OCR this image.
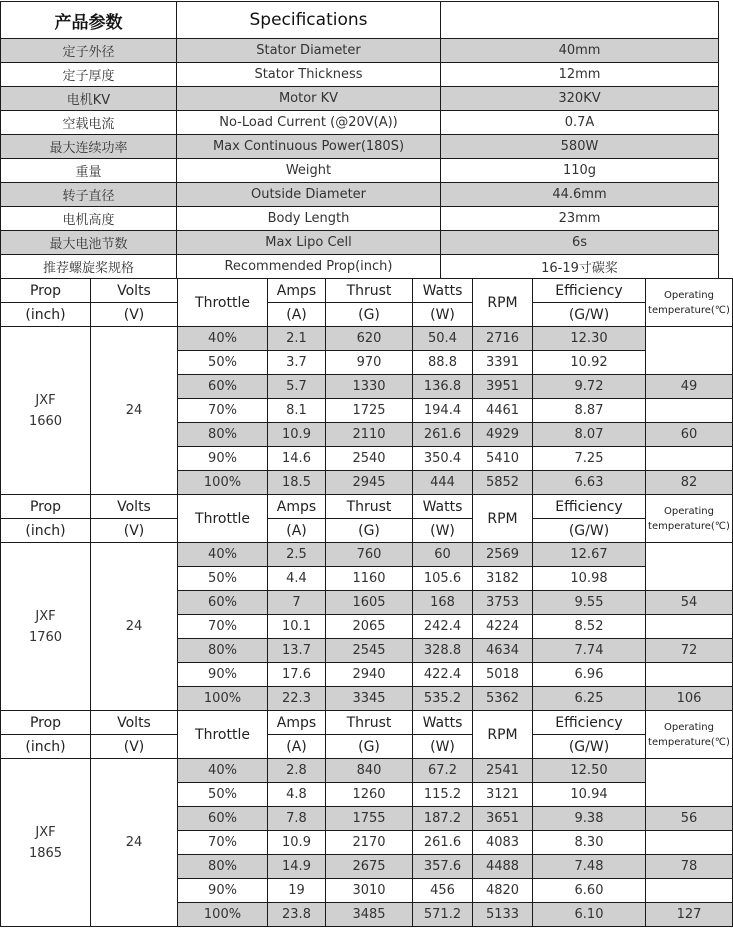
产品参数	Specifications	
定子外径	Stator Diameter	40mm
定子厚度	Stator Thickness	12mm
电机KV	Motor KV	320KV
空载电流	No-Load Current (@20V(A))	0.7A
最大连续功率	Max Continuous Power(180S)	580W
重量	Weight	110g
转子直径	Outside Diameter	44.6mm
电机高度	Body Length	23mm
最大电池节数	Max Lipo Cell	6s
推荐螺旋桨规格	Recommended Prop(inch)	16-19寸碳桨
Prop	Volts	Throttle	Amps	Thrust	Watts	RPM	Efficiency	Operating
temperature(℃)
(inch)	(V)		(A)	(G)	(W)		(G/W)	
JXF
1660	24	40%	2.1	620	50.4	2716	12.30	
		50%	3.7	970	88.8	3391	10.92	
		60%	5.7	1330	136.8	3951	9.72	49
		70%	8.1	1725	194.4	4461	8.87	
		80%	10.9	2110	261.6	4929	8.07	60
		90%	14.6	2540	350.4	5410	7.25	
		100%	18.5	2945	444	5852	6.63	82
Prop	Volts	Throttle	Amps	Thrust	Watts	RPM	Efficiency	Operating
temperature(℃)
(inch)	(V)		(A)	(G)	(W)		(G/W)	
JXF
1760	24	40%	2.5	760	60	2569	12.67	
		50%	4.4	1160	105.6	3182	10.98	
		60%	7	1605	168	3753	9.55	54
		70%	10.1	2065	242.4	4224	8.52	
		80%	13.7	2545	328.8	4634	7.74	72
		90%	17.6	2940	422.4	5018	6.96	
		100%	22.3	3345	535.2	5362	6.25	106
Prop	Volts	Throttle	Amps	Thrust	Watts	RPM	Efficiency	Operating
temperature(℃)
(inch)	(V)		(A)	(G)	(W)		(G/W)	
JXF
1865	24	40%	2.8	840	67.2	2541	12.50	
		50%	4.8	1260	115.2	3121	10.94	
		60%	7.8	1755	187.2	3651	9.38	56
		70%	10.9	2170	261.6	4083	8.30	
		80%	14.9	2675	357.6	4488	7.48	78
		90%	19	3010	456	4820	6.60	
		100%	23.8	3485	571.2	5133	6.10	127
